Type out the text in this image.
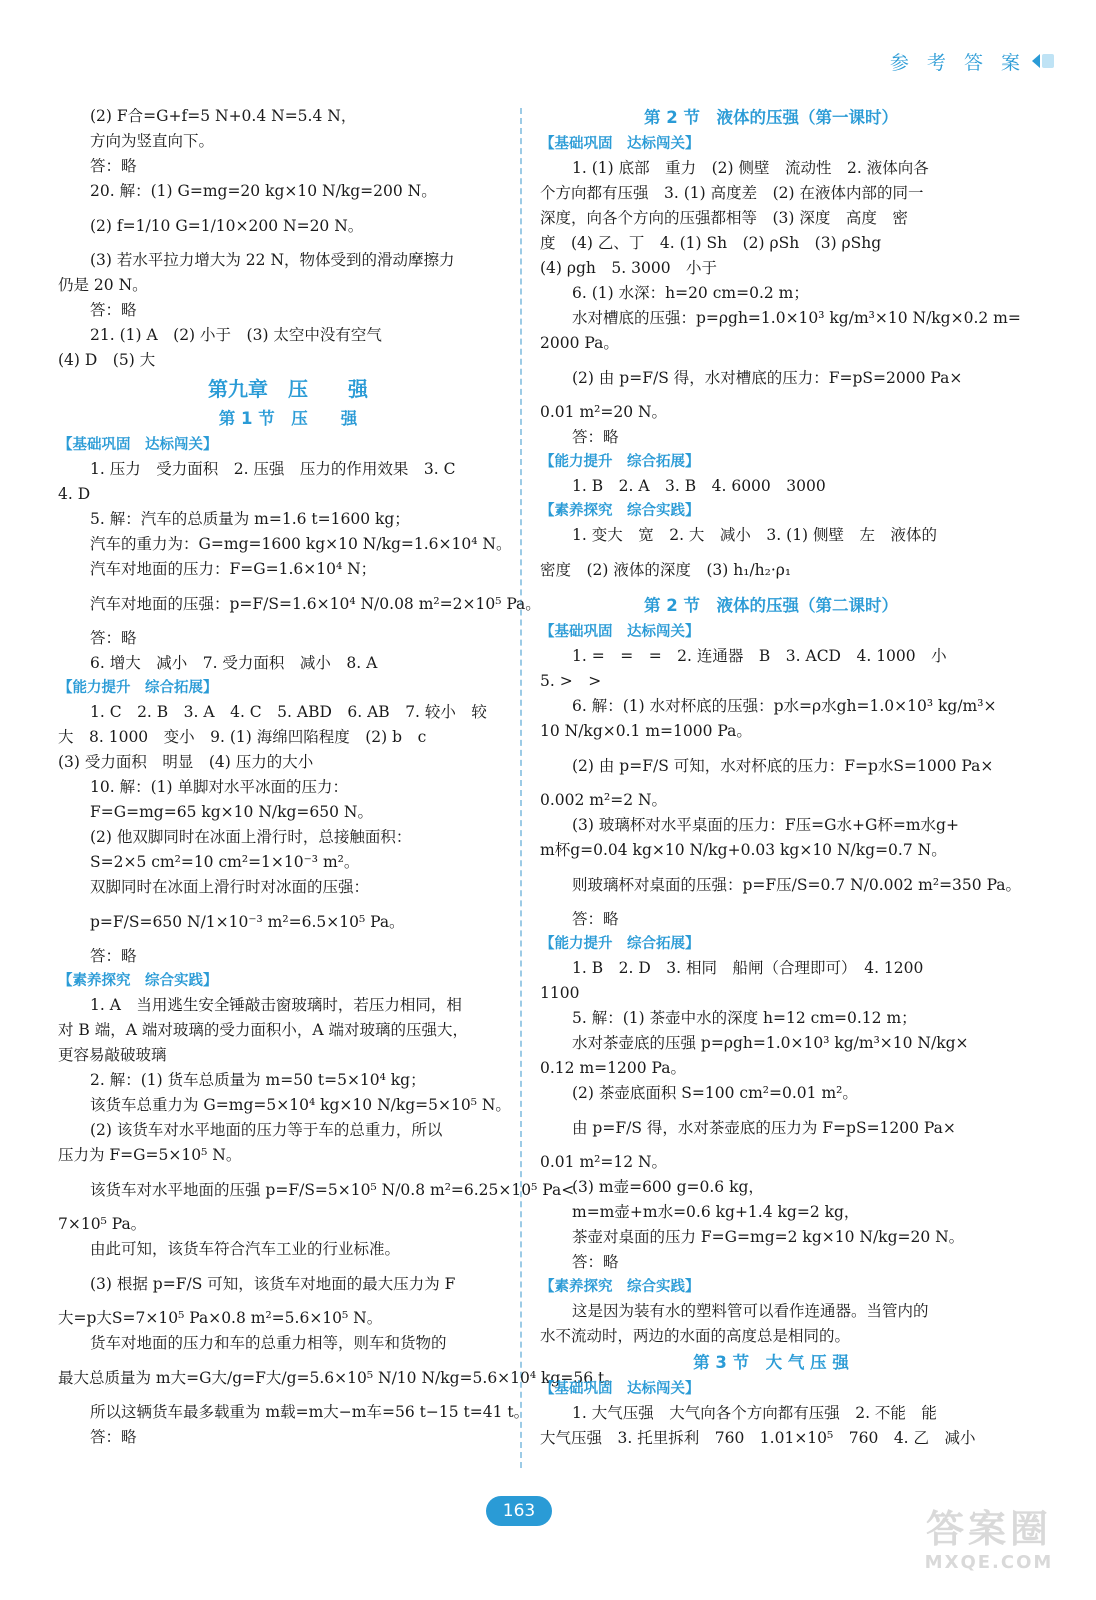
参 考 答 案
(2) F合=G+f=5 N+0.4 N=5.4 N，
方向为竖直向下。
答：略
20. 解：(1) G=mg=20 kg×10 N/kg=200 N。
(2) f=1/10 G=1/10×200 N=20 N。
(3) 若水平拉力增大为 22 N，物体受到的滑动摩擦力
仍是 20 N。
答：略
21. (1) A　(2) 小于　(3) 太空中没有空气
(4) D　(5) 大
第九章　压　　强
第 1 节　压　　强
【基础巩固　达标闯关】
1. 压力　受力面积　2. 压强　压力的作用效果　3. C
4. D
5. 解：汽车的总质量为 m=1.6 t=1600 kg；
汽车的重力为：G=mg=1600 kg×10 N/kg=1.6×10⁴ N。
汽车对地面的压力：F=G=1.6×10⁴ N；
汽车对地面的压强：p=F/S=1.6×10⁴ N/0.08 m²=2×10⁵ Pa。
答：略
6. 增大　减小　7. 受力面积　减小　8. A
【能力提升　综合拓展】
1. C　2. B　3. A　4. C　5. ABD　6. AB　7. 较小　较
大　8. 1000　变小　9. (1) 海绵凹陷程度　(2) b　c
(3) 受力面积　明显　(4) 压力的大小
10. 解：(1) 单脚对水平冰面的压力：
F=G=mg=65 kg×10 N/kg=650 N。
(2) 他双脚同时在冰面上滑行时，总接触面积：
S=2×5 cm²=10 cm²=1×10⁻³ m²。
双脚同时在冰面上滑行时对冰面的压强：
p=F/S=650 N/1×10⁻³ m²=6.5×10⁵ Pa。
答：略
【素养探究　综合实践】
1. A　当用逃生安全锤敲击窗玻璃时，若压力相同，相
对 B 端，A 端对玻璃的受力面积小，A 端对玻璃的压强大，
更容易敲破玻璃
2. 解：(1) 货车总质量为 m=50 t=5×10⁴ kg；
该货车总重力为 G=mg=5×10⁴ kg×10 N/kg=5×10⁵ N。
(2) 该货车对水平地面的压力等于车的总重力，所以
压力为 F=G=5×10⁵ N。
该货车对水平地面的压强 p=F/S=5×10⁵ N/0.8 m²=6.25×10⁵ Pa<
7×10⁵ Pa。
由此可知，该货车符合汽车工业的行业标准。
(3) 根据 p=F/S 可知，该货车对地面的最大压力为 F
大=p大S=7×10⁵ Pa×0.8 m²=5.6×10⁵ N。
货车对地面的压力和车的总重力相等，则车和货物的
最大总质量为 m大=G大/g=F大/g=5.6×10⁵ N/10 N/kg=5.6×10⁴ kg=56 t。
所以这辆货车最多载重为 m载=m大−m车=56 t−15 t=41 t。
答：略
第 2 节　液体的压强（第一课时）
【基础巩固　达标闯关】
1. (1) 底部　重力　(2) 侧壁　流动性　2. 液体向各
个方向都有压强　3. (1) 高度差　(2) 在液体内部的同一
深度，向各个方向的压强都相等　(3) 深度　高度　密
度　(4) 乙、丁　4. (1) Sh　(2) ρSh　(3) ρShg
(4) ρgh　5. 3000　小于
6. (1) 水深：h=20 cm=0.2 m；
水对槽底的压强：p=ρgh=1.0×10³ kg/m³×10 N/kg×0.2 m=
2000 Pa。
(2) 由 p=F/S 得，水对槽底的压力：F=pS=2000 Pa×
0.01 m²=20 N。
答：略
【能力提升　综合拓展】
1. B　2. A　3. B　4. 6000　3000
【素养探究　综合实践】
1. 变大　宽　2. 大　减小　3. (1) 侧壁　左　液体的
密度　(2) 液体的深度　(3) h₁/h₂·ρ₁
第 2 节　液体的压强（第二课时）
【基础巩固　达标闯关】
1. =　=　=　2. 连通器　B　3. ACD　4. 1000　小
5. >　>
6. 解：(1) 水对杯底的压强：p水=ρ水gh=1.0×10³ kg/m³×
10 N/kg×0.1 m=1000 Pa。
(2) 由 p=F/S 可知，水对杯底的压力：F=p水S=1000 Pa×
0.002 m²=2 N。
(3) 玻璃杯对水平桌面的压力：F压=G水+G杯=m水g+
m杯g=0.04 kg×10 N/kg+0.03 kg×10 N/kg=0.7 N。
则玻璃杯对桌面的压强：p=F压/S=0.7 N/0.002 m²=350 Pa。
答：略
【能力提升　综合拓展】
1. B　2. D　3. 相同　船闸（合理即可）　4. 1200
1100
5. 解：(1) 茶壶中水的深度 h=12 cm=0.12 m；
水对茶壶底的压强 p=ρgh=1.0×10³ kg/m³×10 N/kg×
0.12 m=1200 Pa。
(2) 茶壶底面积 S=100 cm²=0.01 m²。
由 p=F/S 得，水对茶壶底的压力为 F=pS=1200 Pa×
0.01 m²=12 N。
(3) m壶=600 g=0.6 kg，
m=m壶+m水=0.6 kg+1.4 kg=2 kg，
茶壶对桌面的压力 F=G=mg=2 kg×10 N/kg=20 N。
答：略
【素养探究　综合实践】
这是因为装有水的塑料管可以看作连通器。当管内的
水不流动时，两边的水面的高度总是相同的。
第 3 节　大 气 压 强
【基础巩固　达标闯关】
1. 大气压强　大气向各个方向都有压强　2. 不能　能
大气压强　3. 托里拆利　760　1.01×10⁵　760　4. 乙　减小
163	答案圈
MXQE.COM
